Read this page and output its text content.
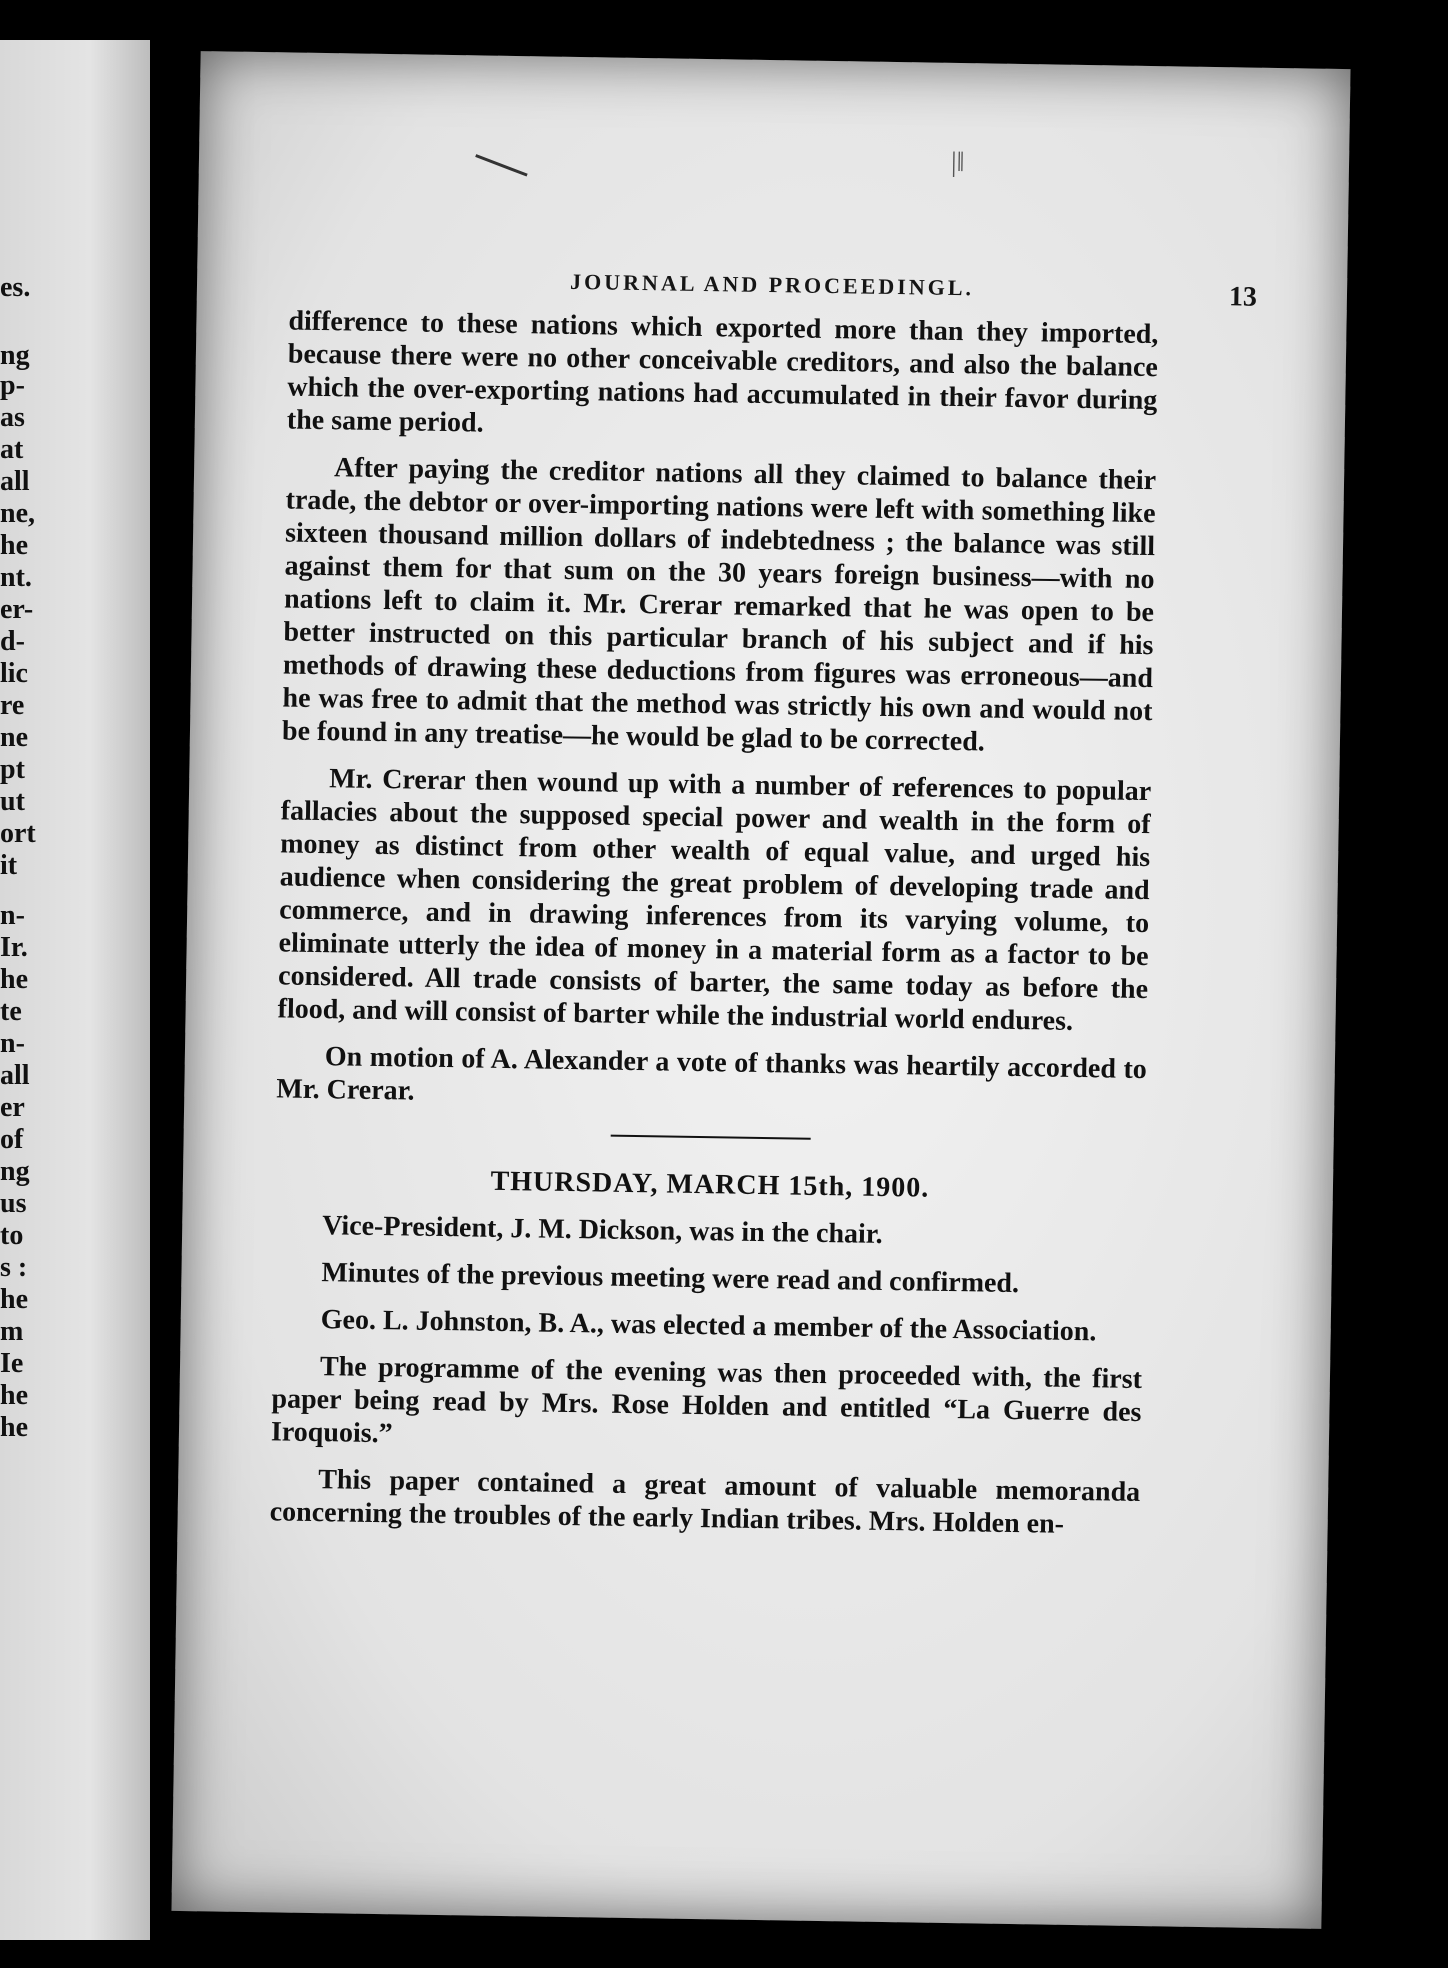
es.
ng
p-
as
at
all
ne,
he
nt.
er-
d-
lic
re
ne
pt
ut
ort
it
n-
Ir.
he
te
n-
all
er
of
ng
us
to
s :
he
m
Ie
he
he
|‖
JOURNAL AND PROCEEDINGL.	13

difference to these nations which exported more than they imported, because there were no other conceivable creditors, and also the balance which the over-exporting nations had accumulated in their favor during the same period.

After paying the creditor nations all they claimed to balance their trade, the debtor or over-importing nations were left with something like sixteen thousand million dollars of indebtedness ; the balance was still against them for that sum on the 30 years foreign business—with no nations left to claim it. Mr. Crerar remarked that he was open to be better instructed on this particular branch of his subject and if his methods of drawing these deductions from figures was erroneous—and he was free to admit that the method was strictly his own and would not be found in any treatise—he would be glad to be corrected.

Mr. Crerar then wound up with a number of references to popular fallacies about the supposed special power and wealth in the form of money as distinct from other wealth of equal value, and urged his audience when considering the great problem of developing trade and commerce, and in drawing inferences from its varying volume, to eliminate utterly the idea of money in a material form as a factor to be considered. All trade consists of barter, the same today as before the flood, and will consist of barter while the industrial world endures.

On motion of A. Alexander a vote of thanks was heartily accorded to Mr. Crerar.

THURSDAY, MARCH 15th, 1900.

Vice-President, J. M. Dickson, was in the chair.

Minutes of the previous meeting were read and confirmed.

Geo. L. Johnston, B. A., was elected a member of the Association.

The programme of the evening was then proceeded with, the first paper being read by Mrs. Rose Holden and entitled “La Guerre des Iroquois.”

This paper contained a great amount of valuable memoranda concerning the troubles of the early Indian tribes. Mrs. Holden en-
